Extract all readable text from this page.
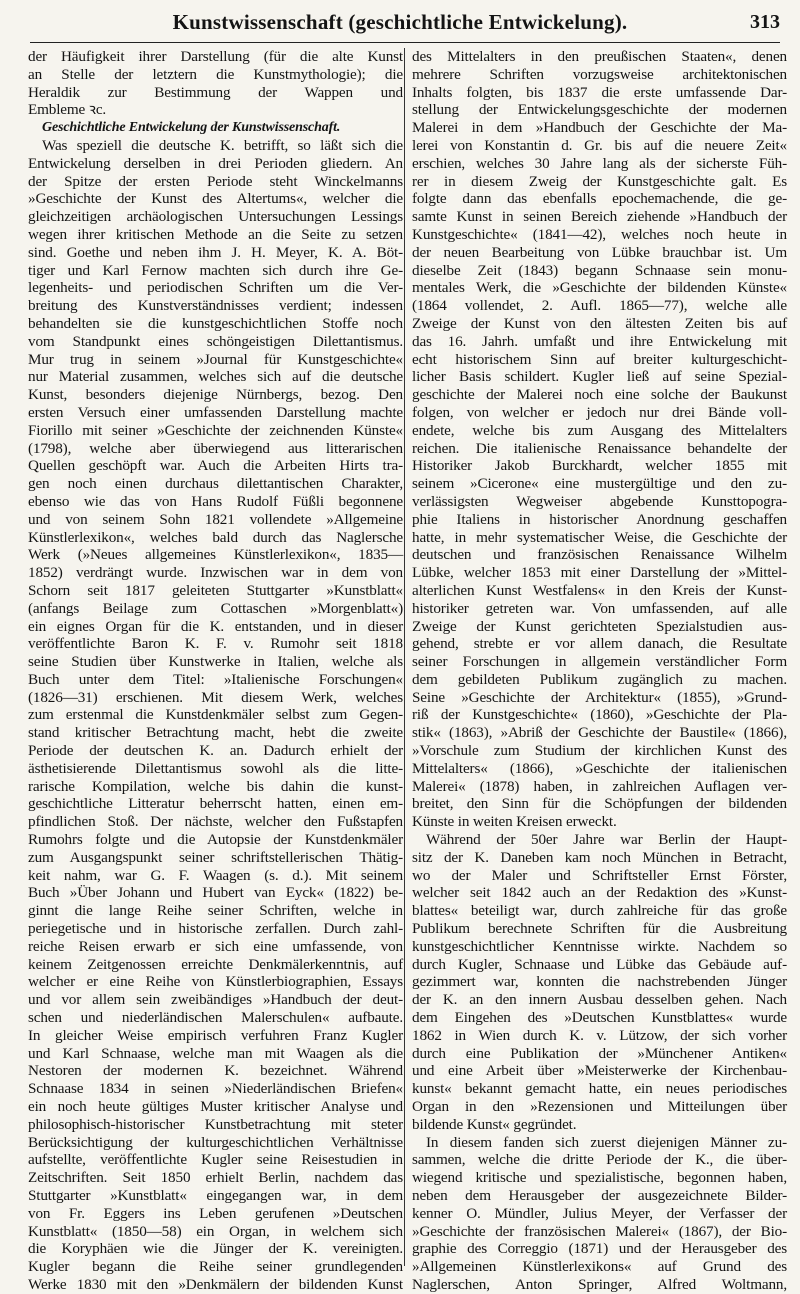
Kunstwissenschaft (geschichtliche Entwickelung).	313
der Häufigkeit ihrer Darstellung (für die alte Kunst
an Stelle der letztern die Kunstmythologie); die
Heraldik zur Bestimmung der Wappen und
Embleme ꝛc.
Geschichtliche Entwickelung der Kunstwissenschaft.
Was speziell die deutsche K. betrifft, so läßt sich die
Entwickelung derselben in drei Perioden gliedern. An
der Spitze der ersten Periode steht Winckelmanns
»Geschichte der Kunst des Altertums«, welcher die
gleichzeitigen archäologischen Untersuchungen Lessings
wegen ihrer kritischen Methode an die Seite zu setzen
sind. Goethe und neben ihm J. H. Meyer, K. A. Böt-
tiger und Karl Fernow machten sich durch ihre Ge-
legenheits- und periodischen Schriften um die Ver-
breitung des Kunstverständnisses verdient; indessen
behandelten sie die kunstgeschichtlichen Stoffe noch
vom Standpunkt eines schöngeistigen Dilettantismus.
Mur trug in seinem »Journal für Kunstgeschichte«
nur Material zusammen, welches sich auf die deutsche
Kunst, besonders diejenige Nürnbergs, bezog. Den
ersten Versuch einer umfassenden Darstellung machte
Fiorillo mit seiner »Geschichte der zeichnenden Künste«
(1798), welche aber überwiegend aus litterarischen
Quellen geschöpft war. Auch die Arbeiten Hirts tra-
gen noch einen durchaus dilettantischen Charakter,
ebenso wie das von Hans Rudolf Füßli begonnene
und von seinem Sohn 1821 vollendete »Allgemeine
Künstlerlexikon«, welches bald durch das Naglersche
Werk (»Neues allgemeines Künstlerlexikon«, 1835—
1852) verdrängt wurde. Inzwischen war in dem von
Schorn seit 1817 geleiteten Stuttgarter »Kunstblatt«
(anfangs Beilage zum Cottaschen »Morgenblatt«)
ein eignes Organ für die K. entstanden, und in dieser
veröffentlichte Baron K. F. v. Rumohr seit 1818
seine Studien über Kunstwerke in Italien, welche als
Buch unter dem Titel: »Italienische Forschungen«
(1826—31) erschienen. Mit diesem Werk, welches
zum erstenmal die Kunstdenkmäler selbst zum Gegen-
stand kritischer Betrachtung macht, hebt die zweite
Periode der deutschen K. an. Dadurch erhielt der
ästhetisierende Dilettantismus sowohl als die litte-
rarische Kompilation, welche bis dahin die kunst-
geschichtliche Litteratur beherrscht hatten, einen em-
pfindlichen Stoß. Der nächste, welcher den Fußstapfen
Rumohrs folgte und die Autopsie der Kunstdenkmäler
zum Ausgangspunkt seiner schriftstellerischen Thätig-
keit nahm, war G. F. Waagen (s. d.). Mit seinem
Buch »Über Johann und Hubert van Eyck« (1822) be-
ginnt die lange Reihe seiner Schriften, welche in
periegetische und in historische zerfallen. Durch zahl-
reiche Reisen erwarb er sich eine umfassende, von
keinem Zeitgenossen erreichte Denkmälerkenntnis, auf
welcher er eine Reihe von Künstlerbiographien, Essays
und vor allem sein zweibändiges »Handbuch der deut-
schen und niederländischen Malerschulen« aufbaute.
In gleicher Weise empirisch verfuhren Franz Kugler
und Karl Schnaase, welche man mit Waagen als die
Nestoren der modernen K. bezeichnet. Während
Schnaase 1834 in seinen »Niederländischen Briefen«
ein noch heute gültiges Muster kritischer Analyse und
philosophisch-historischer Kunstbetrachtung mit steter
Berücksichtigung der kulturgeschichtlichen Verhältnisse
aufstellte, veröffentlichte Kugler seine Reisestudien in
Zeitschriften. Seit 1850 erhielt Berlin, nachdem das
Stuttgarter »Kunstblatt« eingegangen war, in dem
von Fr. Eggers ins Leben gerufenen »Deutschen
Kunstblatt« (1850—58) ein Organ, in welchem sich
die Koryphäen wie die Jünger der K. vereinigten.
Kugler begann die Reihe seiner grundlegenden
Werke 1830 mit den »Denkmälern der bildenden Kunst
des Mittelalters in den preußischen Staaten«, denen
mehrere Schriften vorzugsweise architektonischen
Inhalts folgten, bis 1837 die erste umfassende Dar-
stellung der Entwickelungsgeschichte der modernen
Malerei in dem »Handbuch der Geschichte der Ma-
lerei von Konstantin d. Gr. bis auf die neuere Zeit«
erschien, welches 30 Jahre lang als der sicherste Füh-
rer in diesem Zweig der Kunstgeschichte galt. Es
folgte dann das ebenfalls epochemachende, die ge-
samte Kunst in seinen Bereich ziehende »Handbuch der
Kunstgeschichte« (1841—42), welches noch heute in
der neuen Bearbeitung von Lübke brauchbar ist. Um
dieselbe Zeit (1843) begann Schnaase sein monu-
mentales Werk, die »Geschichte der bildenden Künste«
(1864 vollendet, 2. Aufl. 1865—77), welche alle
Zweige der Kunst von den ältesten Zeiten bis auf
das 16. Jahrh. umfaßt und ihre Entwickelung mit
echt historischem Sinn auf breiter kulturgeschicht-
licher Basis schildert. Kugler ließ auf seine Spezial-
geschichte der Malerei noch eine solche der Baukunst
folgen, von welcher er jedoch nur drei Bände voll-
endete, welche bis zum Ausgang des Mittelalters
reichen. Die italienische Renaissance behandelte der
Historiker Jakob Burckhardt, welcher 1855 mit
seinem »Cicerone« eine mustergültige und den zu-
verlässigsten Wegweiser abgebende Kunsttopogra-
phie Italiens in historischer Anordnung geschaffen
hatte, in mehr systematischer Weise, die Geschichte der
deutschen und französischen Renaissance Wilhelm
Lübke, welcher 1853 mit einer Darstellung der »Mittel-
alterlichen Kunst Westfalens« in den Kreis der Kunst-
historiker getreten war. Von umfassenden, auf alle
Zweige der Kunst gerichteten Spezialstudien aus-
gehend, strebte er vor allem danach, die Resultate
seiner Forschungen in allgemein verständlicher Form
dem gebildeten Publikum zugänglich zu machen.
Seine »Geschichte der Architektur« (1855), »Grund-
riß der Kunstgeschichte« (1860), »Geschichte der Pla-
stik« (1863), »Abriß der Geschichte der Baustile« (1866),
»Vorschule zum Studium der kirchlichen Kunst des
Mittelalters« (1866), »Geschichte der italienischen
Malerei« (1878) haben, in zahlreichen Auflagen ver-
breitet, den Sinn für die Schöpfungen der bildenden
Künste in weiten Kreisen erweckt.
Während der 50er Jahre war Berlin der Haupt-
sitz der K. Daneben kam noch München in Betracht,
wo der Maler und Schriftsteller Ernst Förster,
welcher seit 1842 auch an der Redaktion des »Kunst-
blattes« beteiligt war, durch zahlreiche für das große
Publikum berechnete Schriften für die Ausbreitung
kunstgeschichtlicher Kenntnisse wirkte. Nachdem so
durch Kugler, Schnaase und Lübke das Gebäude auf-
gezimmert war, konnten die nachstrebenden Jünger
der K. an den innern Ausbau desselben gehen. Nach
dem Eingehen des »Deutschen Kunstblattes« wurde
1862 in Wien durch K. v. Lützow, der sich vorher
durch eine Publikation der »Münchener Antiken«
und eine Arbeit über »Meisterwerke der Kirchenbau-
kunst« bekannt gemacht hatte, ein neues periodisches
Organ in den »Rezensionen und Mitteilungen über
bildende Kunst« gegründet.
In diesem fanden sich zuerst diejenigen Männer zu-
sammen, welche die dritte Periode der K., die über-
wiegend kritische und spezialistische, begonnen haben,
neben dem Herausgeber der ausgezeichnete Bilder-
kenner O. Mündler, Julius Meyer, der Verfasser der
»Geschichte der französischen Malerei« (1867), der Bio-
graphie des Correggio (1871) und der Herausgeber des
»Allgemeinen Künstlerlexikons« auf Grund des
Naglerschen, Anton Springer, Alfred Woltmann,
